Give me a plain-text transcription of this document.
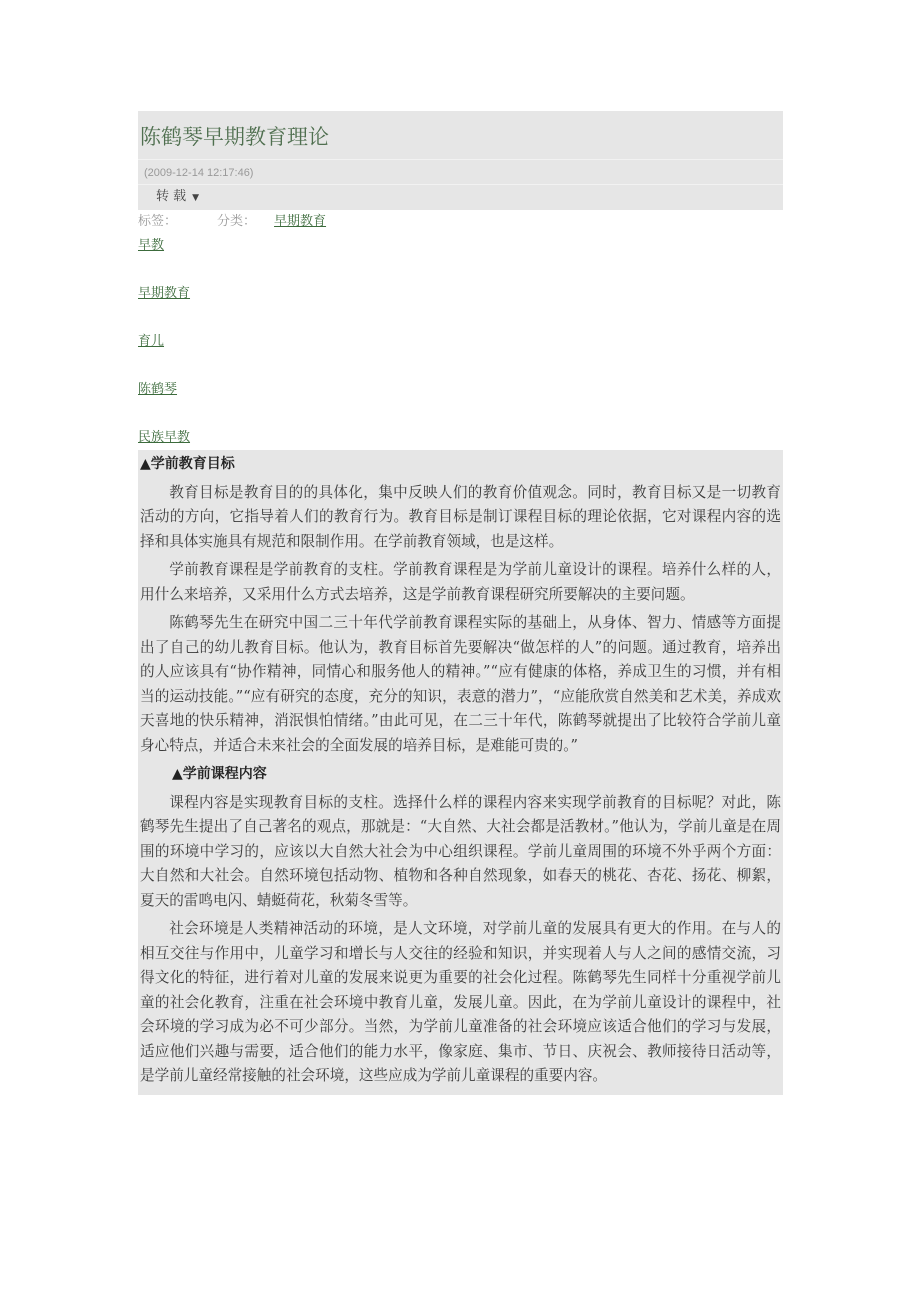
陈鹤琴早期教育理论
(2009-12-14 12:17:46)
转 载 ▼
标签：	分类： 早期教育
早教
早期教育
育儿
陈鹤琴
民族早教
▲学前教育目标

教育目标是教育目的的具体化，集中反映人们的教育价值观念。同时，教育目标又是一切教育活动的方向，它指导着人们的教育行为。教育目标是制订课程目标的理论依据，它对课程内容的选择和具体实施具有规范和限制作用。在学前教育领域，也是这样。

学前教育课程是学前教育的支柱。学前教育课程是为学前儿童设计的课程。培养什么样的人，用什么来培养，又采用什么方式去培养，这是学前教育课程研究所要解决的主要问题。

陈鹤琴先生在研究中国二三十年代学前教育课程实际的基础上，从身体、智力、情感等方面提出了自己的幼儿教育目标。他认为，教育目标首先要解决“做怎样的人”的问题。通过教育，培养出的人应该具有“协作精神，同情心和服务他人的精神。”“应有健康的体格，养成卫生的习惯，并有相当的运动技能。”“应有研究的态度，充分的知识，表意的潜力”，“应能欣赏自然美和艺术美，养成欢天喜地的快乐精神，消泯惧怕情绪。”由此可见，在二三十年代，陈鹤琴就提出了比较符合学前儿童身心特点，并适合未来社会的全面发展的培养目标，是难能可贵的。”

▲学前课程内容

课程内容是实现教育目标的支柱。选择什么样的课程内容来实现学前教育的目标呢？对此，陈鹤琴先生提出了自己著名的观点，那就是：“大自然、大社会都是活教材。”他认为，学前儿童是在周围的环境中学习的，应该以大自然大社会为中心组织课程。学前儿童周围的环境不外乎两个方面：大自然和大社会。自然环境包括动物、植物和各种自然现象，如春天的桃花、杏花、扬花、柳絮，夏天的雷鸣电闪、蜻蜓荷花，秋菊冬雪等。

社会环境是人类精神活动的环境，是人文环境，对学前儿童的发展具有更大的作用。在与人的相互交往与作用中，儿童学习和增长与人交往的经验和知识，并实现着人与人之间的感情交流，习得文化的特征，进行着对儿童的发展来说更为重要的社会化过程。陈鹤琴先生同样十分重视学前儿童的社会化教育，注重在社会环境中教育儿童，发展儿童。因此，在为学前儿童设计的课程中，社会环境的学习成为必不可少部分。当然，为学前儿童准备的社会环境应该适合他们的学习与发展，适应他们兴趣与需要，适合他们的能力水平，像家庭、集市、节日、庆祝会、教师接待日活动等，是学前儿童经常接触的社会环境，这些应成为学前儿童课程的重要内容。
